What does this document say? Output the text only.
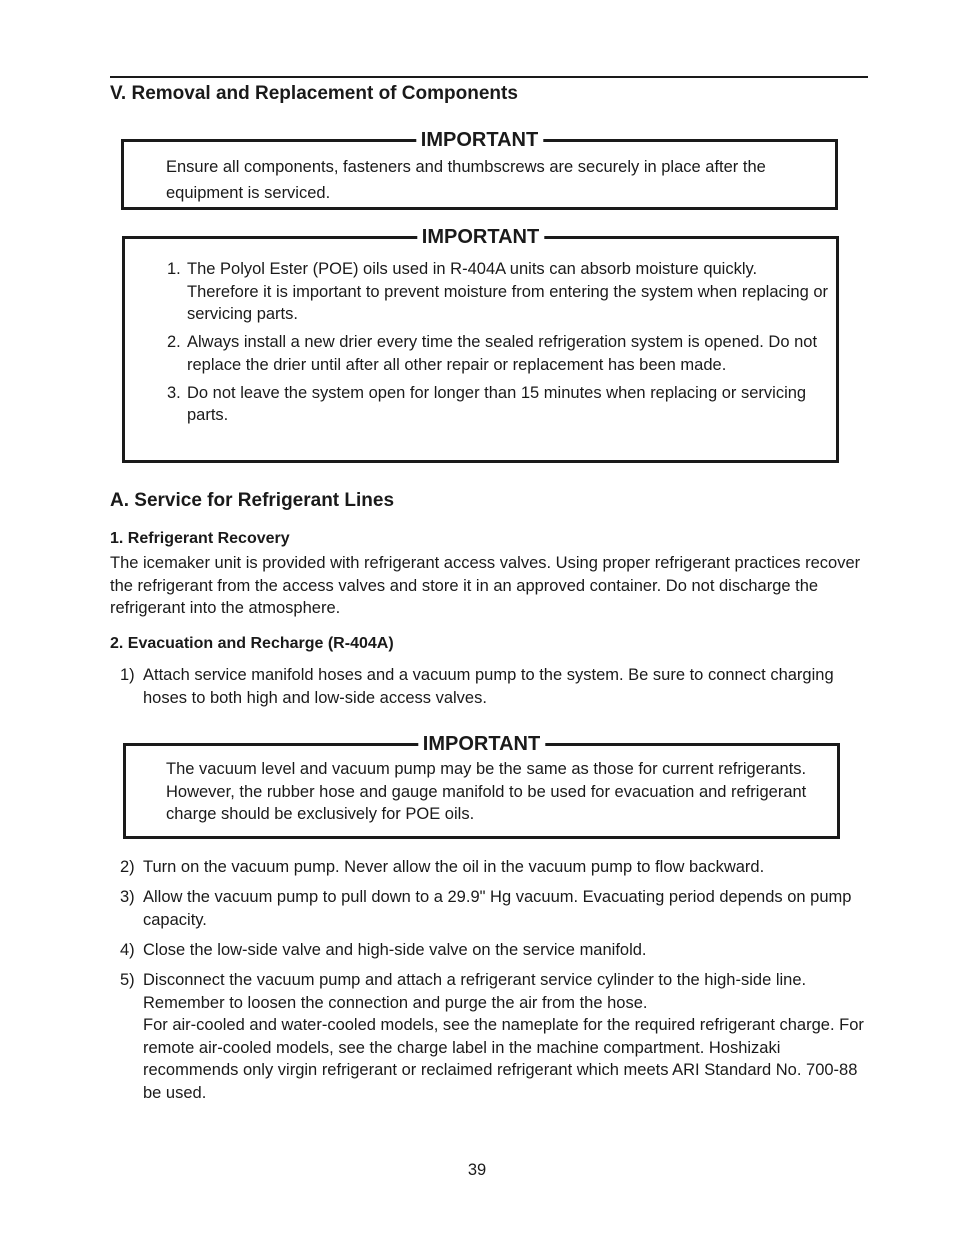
V. Removal and Replacement of Components
IMPORTANT
Ensure all components, fasteners and thumbscrews are securely in place after the equipment is serviced.
IMPORTANT
1. The Polyol Ester (POE) oils used in R-404A units can absorb moisture quickly. Therefore it is important to prevent moisture from entering the system when replacing or servicing parts.
2. Always install a new drier every time the sealed refrigeration system is opened. Do not replace the drier until after all other repair or replacement has been made.
3. Do not leave the system open for longer than 15 minutes when replacing or servicing parts.
A. Service for Refrigerant Lines
1. Refrigerant Recovery

The icemaker unit is provided with refrigerant access valves. Using proper refrigerant practices recover the refrigerant from the access valves and store it in an approved container. Do not discharge the refrigerant into the atmosphere.

2. Evacuation and Recharge (R-404A)
1) Attach service manifold hoses and a vacuum pump to the system. Be sure to connect charging hoses to both high and low-side access valves.
IMPORTANT
The vacuum level and vacuum pump may be the same as those for current refrigerants. However, the rubber hose and gauge manifold to be used for evacuation and refrigerant charge should be exclusively for POE oils.
2) Turn on the vacuum pump. Never allow the oil in the vacuum pump to flow backward.
3) Allow the vacuum pump to pull down to a 29.9" Hg vacuum. Evacuating period depends on pump capacity.
4) Close the low-side valve and high-side valve on the service manifold.
5) Disconnect the vacuum pump and attach a refrigerant service cylinder to the high-side line. Remember to loosen the connection and purge the air from the hose.
For air-cooled and water-cooled models, see the nameplate for the required refrigerant charge. For remote air-cooled models, see the charge label in the machine compartment. Hoshizaki recommends only virgin refrigerant or reclaimed refrigerant which meets ARI Standard No. 700-88 be used.
39
